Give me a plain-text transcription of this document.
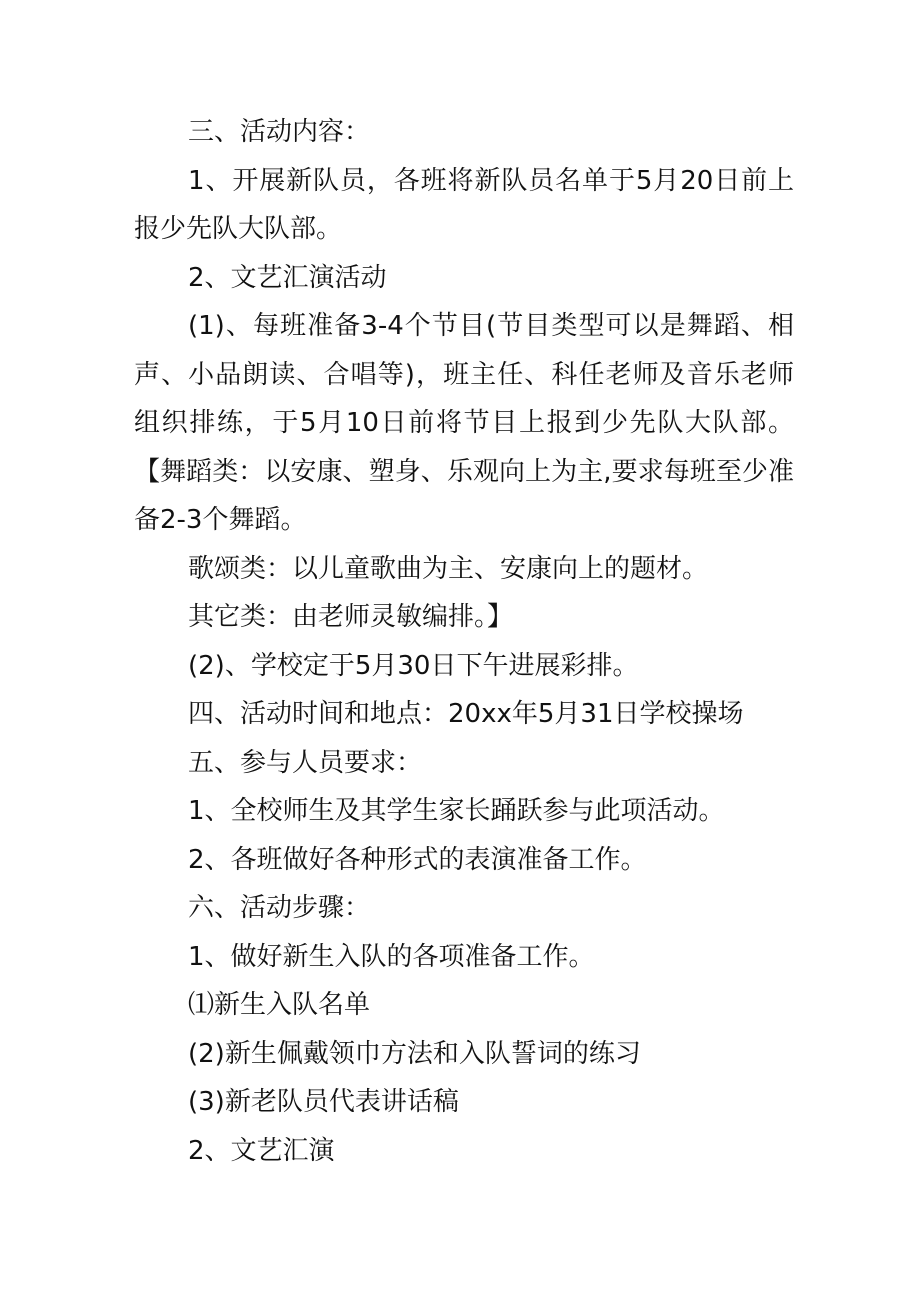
三、活动内容：

1、开展新队员，各班将新队员名单于5月20日前上报少先队大队部。

2、文艺汇演活动

(1)、每班准备3-4个节目(节目类型可以是舞蹈、相声、小品朗读、合唱等)，班主任、科任老师及音乐老师组织排练，于5月10日前将节目上报到少先队大队部。【舞蹈类：以安康、塑身、乐观向上为主,要求每班至少准备2-3个舞蹈。

歌颂类：以儿童歌曲为主、安康向上的题材。

其它类：由老师灵敏编排。】

(2)、学校定于5月30日下午进展彩排。

四、活动时间和地点：20xx年5月31日学校操场

五、参与人员要求：

1、全校师生及其学生家长踊跃参与此项活动。

2、各班做好各种形式的表演准备工作。

六、活动步骤：

1、做好新生入队的各项准备工作。

⑴新生入队名单

(2)新生佩戴领巾方法和入队誓词的练习

(3)新老队员代表讲话稿

2、文艺汇演
